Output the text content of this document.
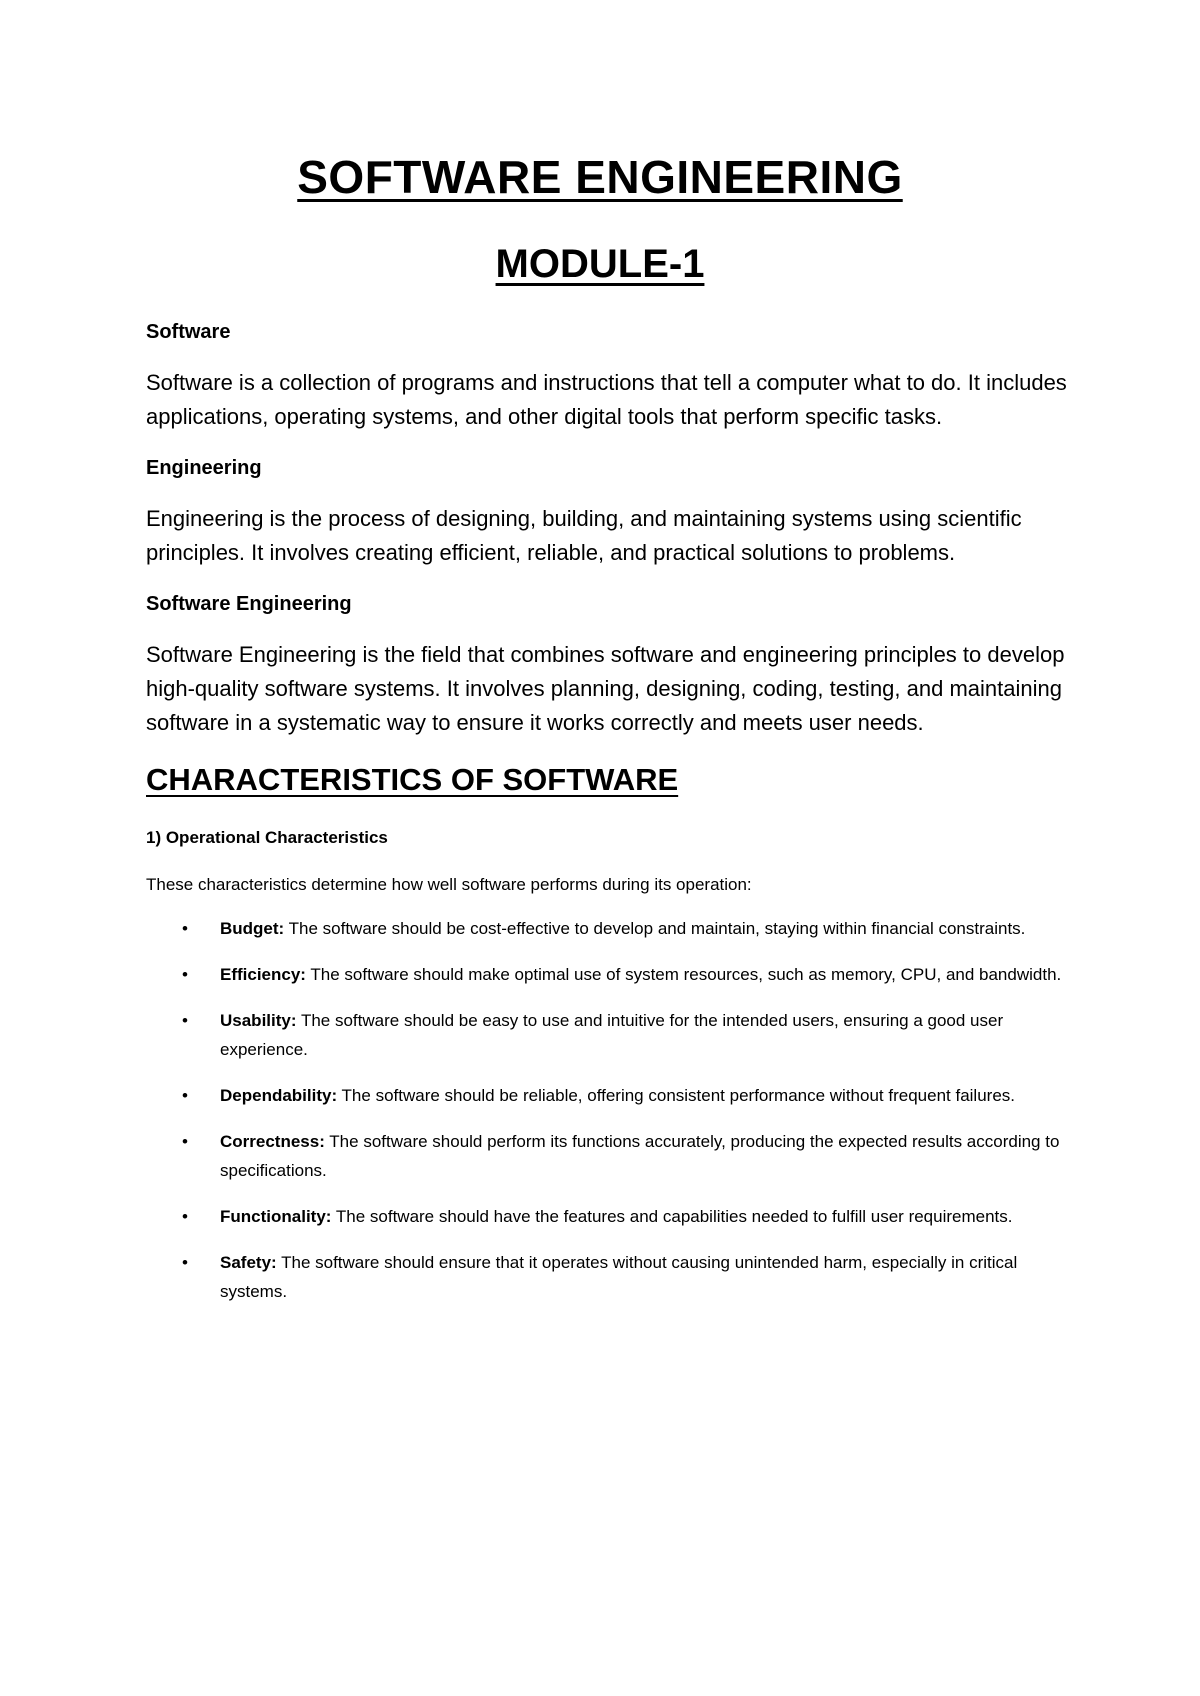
SOFTWARE ENGINEERING
MODULE-1

Software

Software is a collection of programs and instructions that tell a computer what to do. It includes applications, operating systems, and other digital tools that perform specific tasks.

Engineering

Engineering is the process of designing, building, and maintaining systems using scientific principles. It involves creating efficient, reliable, and practical solutions to problems.

Software Engineering

Software Engineering is the field that combines software and engineering principles to develop high-quality software systems. It involves planning, designing, coding, testing, and maintaining software in a systematic way to ensure it works correctly and meets user needs.

CHARACTERISTICS OF SOFTWARE

1) Operational Characteristics

These characteristics determine how well software performs during its operation:

• Budget: The software should be cost-effective to develop and maintain, staying within financial constraints.
• Efficiency: The software should make optimal use of system resources, such as memory, CPU, and bandwidth.
• Usability: The software should be easy to use and intuitive for the intended users, ensuring a good user experience.
• Dependability: The software should be reliable, offering consistent performance without frequent failures.
• Correctness: The software should perform its functions accurately, producing the expected results according to specifications.
• Functionality: The software should have the features and capabilities needed to fulfill user requirements.
• Safety: The software should ensure that it operates without causing unintended harm, especially in critical systems.
